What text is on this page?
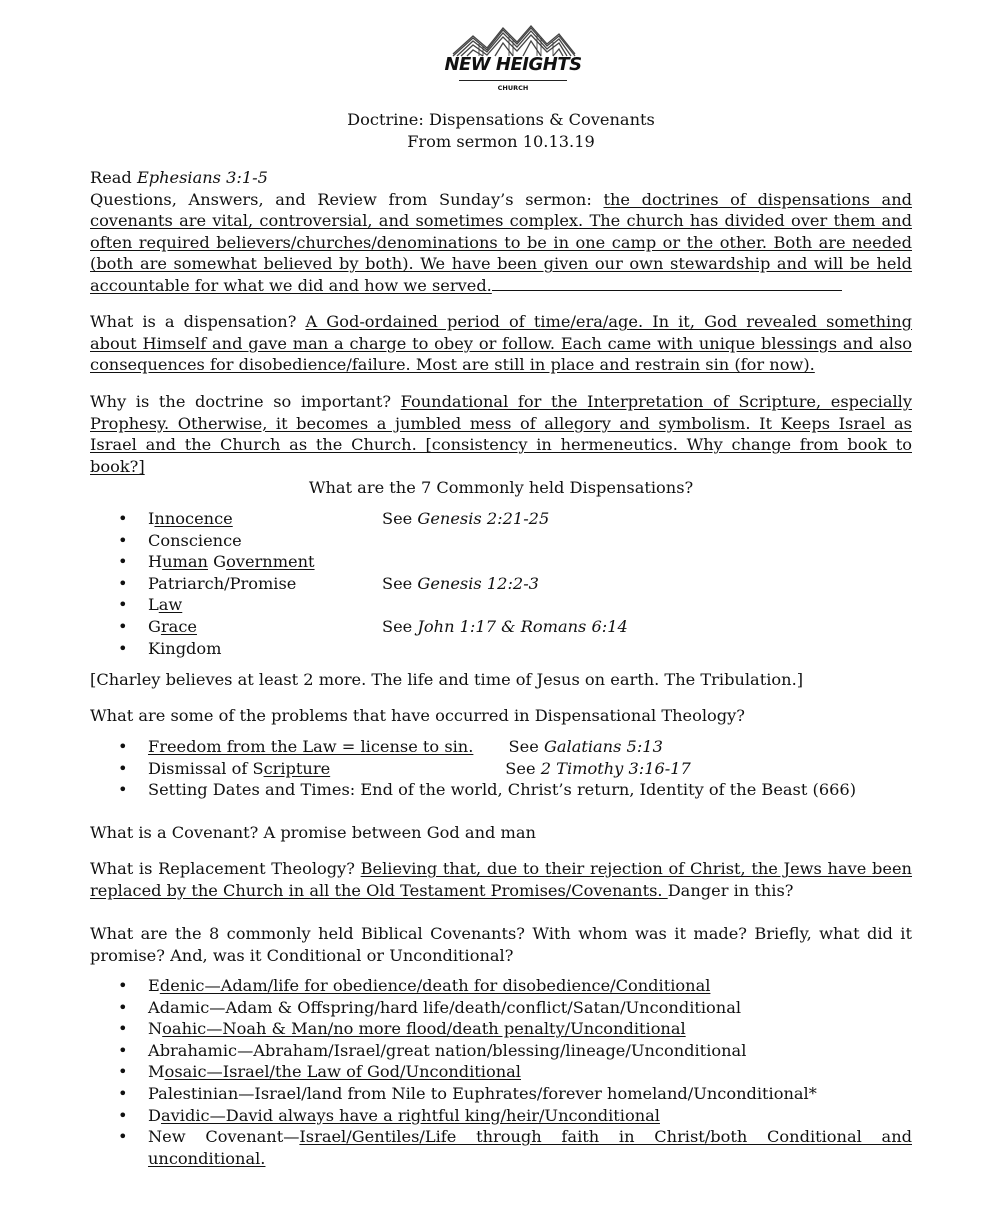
NEW HEIGHTS
CHURCH
Doctrine: Dispensations & Covenants
From sermon 10.13.19
Read Ephesians 3:1-5

Questions, Answers, and Review from Sunday’s sermon: the doctrines of dispensations and covenants are vital, controversial, and sometimes complex. The church has divided over them and often required believers/churches/denominations to be in one camp or the other. Both are needed (both are somewhat believed by both). We have been given our own stewardship and will be held accountable for what we did and how we served.

What is a dispensation? A God-ordained period of time/era/age. In it, God revealed something about Himself and gave man a charge to obey or follow. Each came with unique blessings and also consequences for disobedience/failure. Most are still in place and restrain sin (for now).

Why is the doctrine so important? Foundational for the Interpretation of Scripture, especially Prophesy. Otherwise, it becomes a jumbled mess of allegory and symbolism. It Keeps Israel as Israel and the Church as the Church. [consistency in hermeneutics. Why change from book to book?]

What are the 7 Commonly held Dispensations?
• Innocence	See Genesis 2:21-25
• Conscience
• Human Government
• Patriarch/Promise	See Genesis 12:2-3
• Law
• Grace	See John 1:17 & Romans 6:14
• Kingdom
[Charley believes at least 2 more. The life and time of Jesus on earth. The Tribulation.]
What are some of the problems that have occurred in Dispensational Theology?
• Freedom from the Law = license to sin. See Galatians 5:13
• Dismissal of Scripture	See 2 Timothy 3:16-17
• Setting Dates and Times: End of the world, Christ’s return, Identity of the Beast (666)
What is a Covenant? A promise between God and man

What is Replacement Theology? Believing that, due to their rejection of Christ, the Jews have been replaced by the Church in all the Old Testament Promises/Covenants. Danger in this?

What are the 8 commonly held Biblical Covenants? With whom was it made? Briefly, what did it promise? And, was it Conditional or Unconditional?

• Edenic—Adam/life for obedience/death for disobedience/Conditional
• Adamic—Adam & Offspring/hard life/death/conflict/Satan/Unconditional
• Noahic—Noah & Man/no more flood/death penalty/Unconditional
• Abrahamic—Abraham/Israel/great nation/blessing/lineage/Unconditional
• Mosaic—Israel/the Law of God/Unconditional
• Palestinian—Israel/land from Nile to Euphrates/forever homeland/Unconditional*
• Davidic—David always have a rightful king/heir/Unconditional
• New Covenant—Israel/Gentiles/Life through faith in Christ/both Conditional and unconditional.
